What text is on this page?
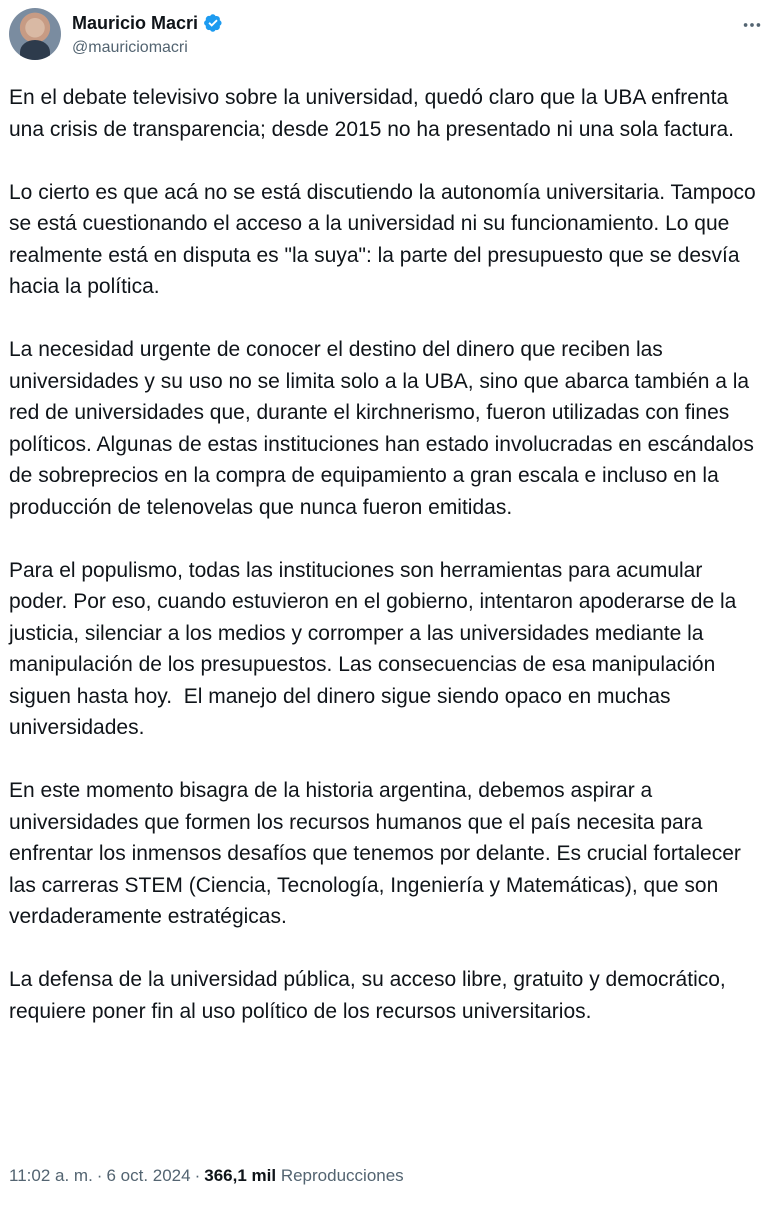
Mauricio Macri
@mauriciomacri

En el debate televisivo sobre la universidad, quedó claro que la UBA enfrenta una crisis de transparencia; desde 2015 no ha presentado ni una sola factura.

Lo cierto es que acá no se está discutiendo la autonomía universitaria. Tampoco se está cuestionando el acceso a la universidad ni su funcionamiento. Lo que realmente está en disputa es "la suya": la parte del presupuesto que se desvía hacia la política.

La necesidad urgente de conocer el destino del dinero que reciben las universidades y su uso no se limita solo a la UBA, sino que abarca también a la red de universidades que, durante el kirchnerismo, fueron utilizadas con fines políticos. Algunas de estas instituciones han estado involucradas en escándalos de sobreprecios en la compra de equipamiento a gran escala e incluso en la producción de telenovelas que nunca fueron emitidas.

Para el populismo, todas las instituciones son herramientas para acumular poder. Por eso, cuando estuvieron en el gobierno, intentaron apoderarse de la justicia, silenciar a los medios y corromper a las universidades mediante la manipulación de los presupuestos. Las consecuencias de esa manipulación siguen hasta hoy.  El manejo del dinero sigue siendo opaco en muchas universidades.

En este momento bisagra de la historia argentina, debemos aspirar a universidades que formen los recursos humanos que el país necesita para enfrentar los inmensos desafíos que tenemos por delante. Es crucial fortalecer las carreras STEM (Ciencia, Tecnología, Ingeniería y Matemáticas), que son verdaderamente estratégicas.

La defensa de la universidad pública, su acceso libre, gratuito y democrático, requiere poner fin al uso político de los recursos universitarios.

11:02 a. m. · 6 oct. 2024 · 366,1 mil Reproducciones
